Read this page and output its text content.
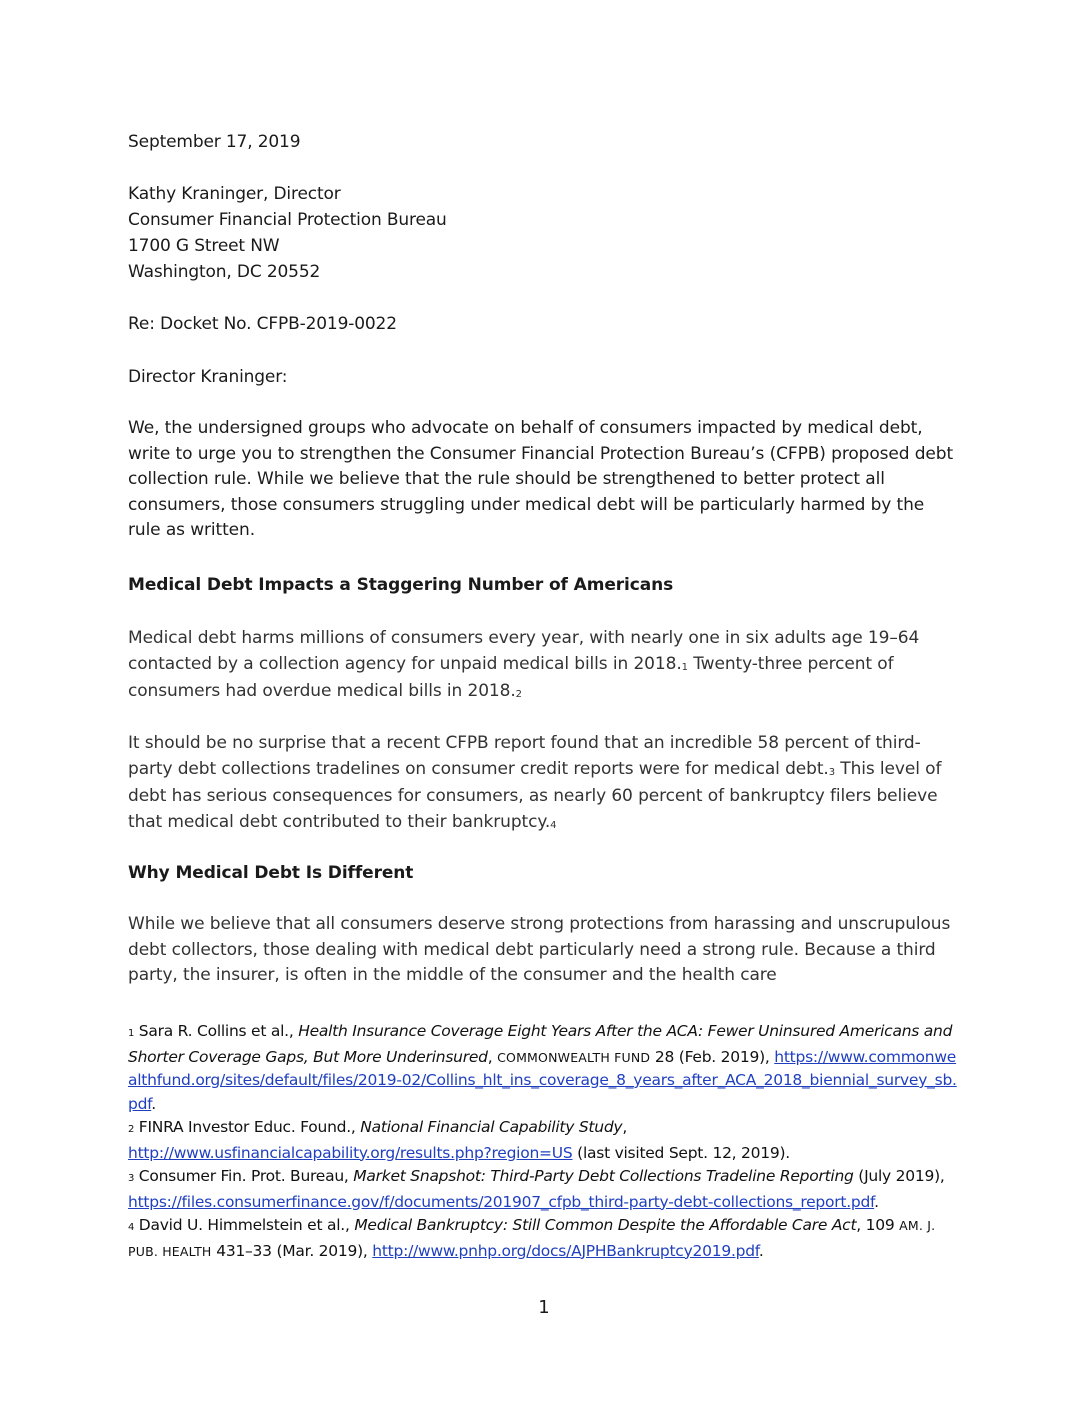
September 17, 2019
Kathy Kraninger, Director
Consumer Financial Protection Bureau
1700 G Street NW
Washington, DC 20552
Re: Docket No. CFPB-2019-0022
Director Kraninger:
We, the undersigned groups who advocate on behalf of consumers impacted by medical debt, write to urge you to strengthen the Consumer Financial Protection Bureau’s (CFPB) proposed debt collection rule. While we believe that the rule should be strengthened to better protect all consumers, those consumers struggling under medical debt will be particularly harmed by the rule as written.
Medical Debt Impacts a Staggering Number of Americans
Medical debt harms millions of consumers every year, with nearly one in six adults age 19–64 contacted by a collection agency for unpaid medical bills in 2018.1 Twenty-three percent of consumers had overdue medical bills in 2018.2
It should be no surprise that a recent CFPB report found that an incredible 58 percent of third-party debt collections tradelines on consumer credit reports were for medical debt.3 This level of debt has serious consequences for consumers, as nearly 60 percent of bankruptcy filers believe that medical debt contributed to their bankruptcy.4
Why Medical Debt Is Different
While we believe that all consumers deserve strong protections from harassing and unscrupulous debt collectors, those dealing with medical debt particularly need a strong rule. Because a third party, the insurer, is often in the middle of the consumer and the health care
1 Sara R. Collins et al., Health Insurance Coverage Eight Years After the ACA: Fewer Uninsured Americans and Shorter Coverage Gaps, But More Underinsured, COMMONWEALTH FUND 28 (Feb. 2019), https://www.commonwealthfund.org/sites/default/files/2019-02/Collins_hlt_ins_coverage_8_years_after_ACA_2018_biennial_survey_sb.pdf.
2 FINRA Investor Educ. Found., National Financial Capability Study,
http://www.usfinancialcapability.org/results.php?region=US (last visited Sept. 12, 2019).
3 Consumer Fin. Prot. Bureau, Market Snapshot: Third-Party Debt Collections Tradeline Reporting (July 2019), https://files.consumerfinance.gov/f/documents/201907_cfpb_third-party-debt-collections_report.pdf.
4 David U. Himmelstein et al., Medical Bankruptcy: Still Common Despite the Affordable Care Act, 109 AM. J. PUB. HEALTH 431–33 (Mar. 2019), http://www.pnhp.org/docs/AJPHBankruptcy2019.pdf.
1
